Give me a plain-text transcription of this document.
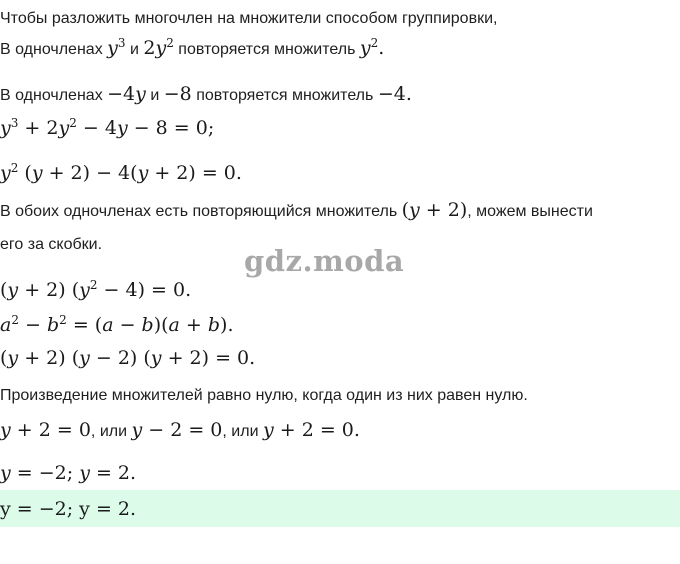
Чтобы разложить многочлен на множители способом группировки,
В одночленах $y^3$ и $2y^2$ повторяется множитель $y^2$.
В одночленах −4y и −8 повторяется множитель −4.
$y^3 + 2y^2 - 4y - 8 = 0$;
$y^2$ (y + 2) − 4(y + 2) = 0.
В обоих одночленах есть повторяющийся множитель (y + 2), можем вынести
его за скобки.	gdz.moda
(y + 2) $(y^2 - 4) = 0$.
$a^2 - b^2 = (a - b)(a + b)$.
(y + 2) (y − 2) (y + 2) = 0.
Произведение множителей равно нулю, когда один из них равен нулю.
y + 2 = 0, или y − 2 = 0, или y + 2 = 0.
y = −2; y = 2.
y = −2; y = 2.
